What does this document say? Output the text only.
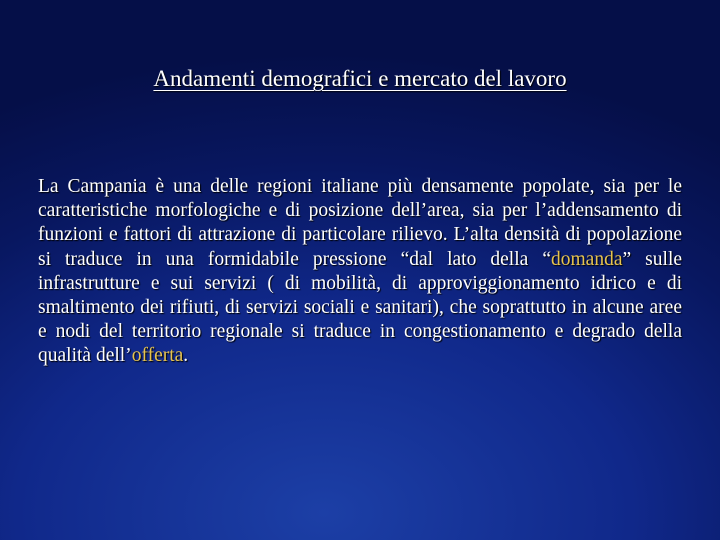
Andamenti demografici e mercato del lavoro

La Campania è una delle regioni italiane più densamente popolate, sia per le caratteristiche morfologiche e di posizione dell’area, sia per l’addensamento di funzioni e fattori di attrazione di particolare rilievo. L’alta densità di popolazione si traduce in una formidabile pressione “dal lato della “domanda” sulle infrastrutture e sui servizi ( di mobilità, di approviggionamento idrico e di smaltimento dei rifiuti, di servizi sociali e sanitari), che soprattutto in alcune aree e nodi del territorio regionale si traduce in congestionamento e degrado della qualità dell’offerta.
